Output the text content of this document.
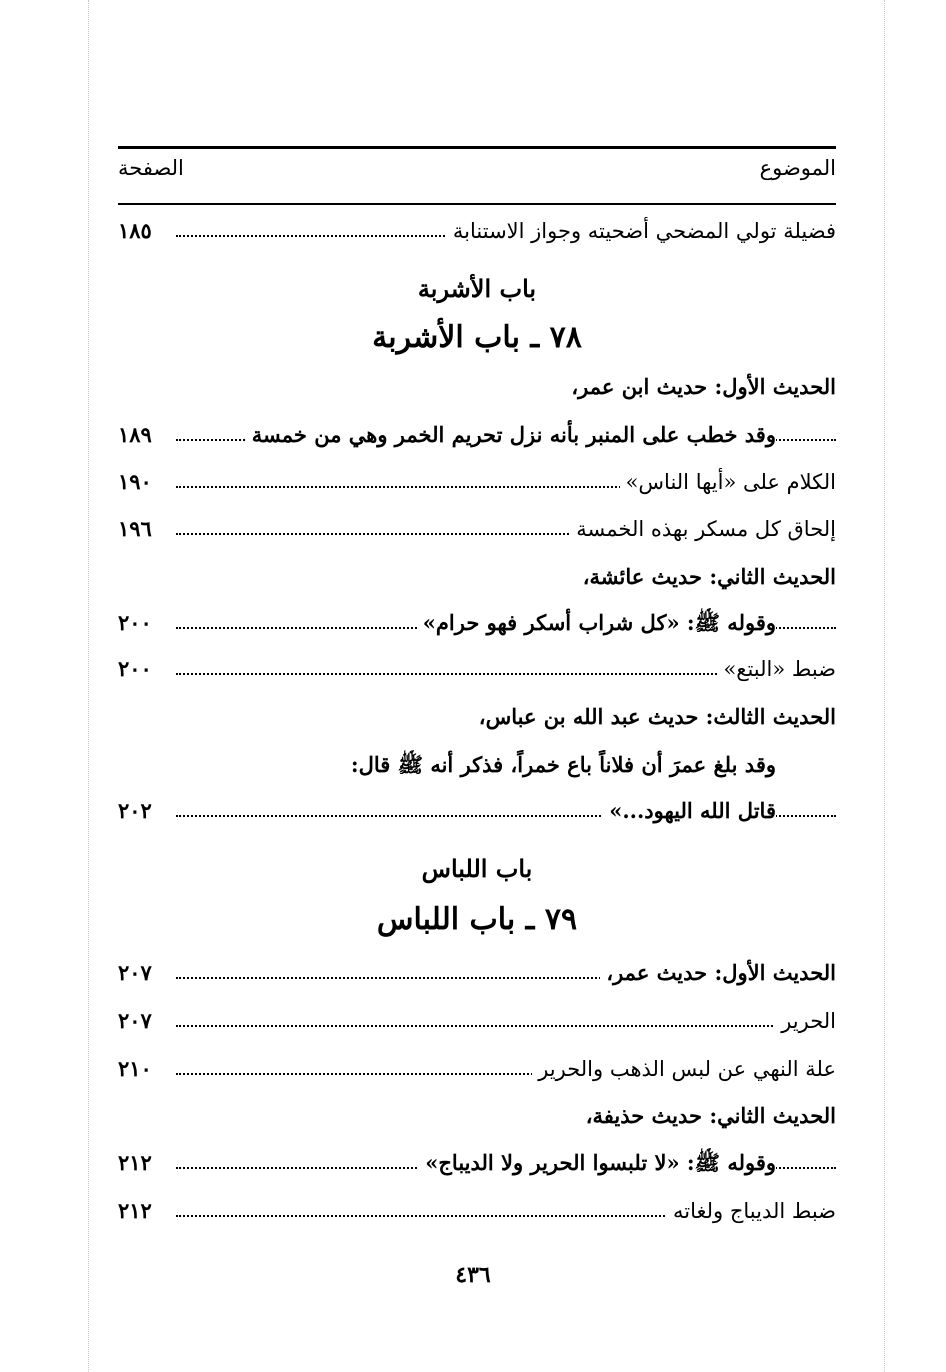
الموضوع
الصفحة
فضيلة تولي المضحي أضحيته وجواز الاستنابة
١٨٥
باب الأشربة
٧٨ ـ باب الأشربة
الحديث الأول: حديث ابن عمر،
وقد خطب على المنبر بأنه نزل تحريم الخمر وهي من خمسة
١٨٩
الكلام على «أيها الناس»
١٩٠
إلحاق كل مسكر بهذه الخمسة
١٩٦
الحديث الثاني: حديث عائشة،
وقوله ﷺ: «كل شراب أسكر فهو حرام»
٢٠٠
ضبط «البتع»
٢٠٠
الحديث الثالث: حديث عبد الله بن عباس،
وقد بلغ عمرَ أن فلاناً باع خمراً، فذكر أنه ﷺ قال:
قاتل الله اليهود...»
٢٠٢
باب اللباس
٧٩ ـ باب اللباس
الحديث الأول: حديث عمر،
٢٠٧
الحرير
٢٠٧
علة النهي عن لبس الذهب والحرير
٢١٠
الحديث الثاني: حديث حذيفة،
وقوله ﷺ: «لا تلبسوا الحرير ولا الديباج»
٢١٢
ضبط الديباج ولغاته
٢١٢
٤٣٦
